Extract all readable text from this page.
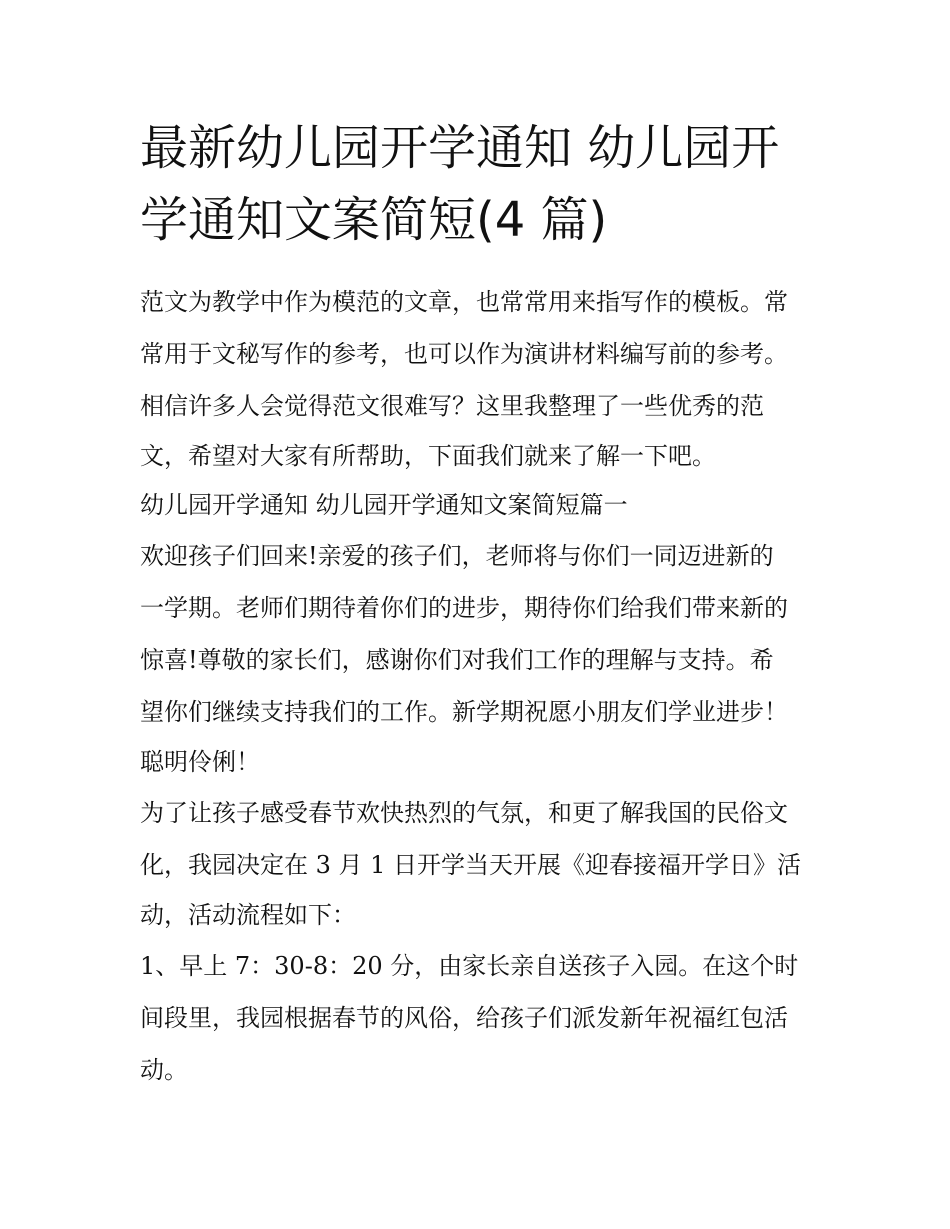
最新幼儿园开学通知 幼儿园开
学通知文案简短(4 篇)
范文为教学中作为模范的文章，也常常用来指写作的模板。常
常用于文秘写作的参考，也可以作为演讲材料编写前的参考。
相信许多人会觉得范文很难写？这里我整理了一些优秀的范
文，希望对大家有所帮助，下面我们就来了解一下吧。
幼儿园开学通知 幼儿园开学通知文案简短篇一
欢迎孩子们回来!亲爱的孩子们，老师将与你们一同迈进新的
一学期。老师们期待着你们的进步，期待你们给我们带来新的
惊喜!尊敬的家长们，感谢你们对我们工作的理解与支持。希
望你们继续支持我们的工作。新学期祝愿小朋友们学业进步！
聪明伶俐！
为了让孩子感受春节欢快热烈的气氛，和更了解我国的民俗文
化，我园决定在 3 月 1 日开学当天开展《迎春接福开学日》活
动，活动流程如下：
1、早上 7：30-8：20 分，由家长亲自送孩子入园。在这个时
间段里，我园根据春节的风俗，给孩子们派发新年祝福红包活
动。
